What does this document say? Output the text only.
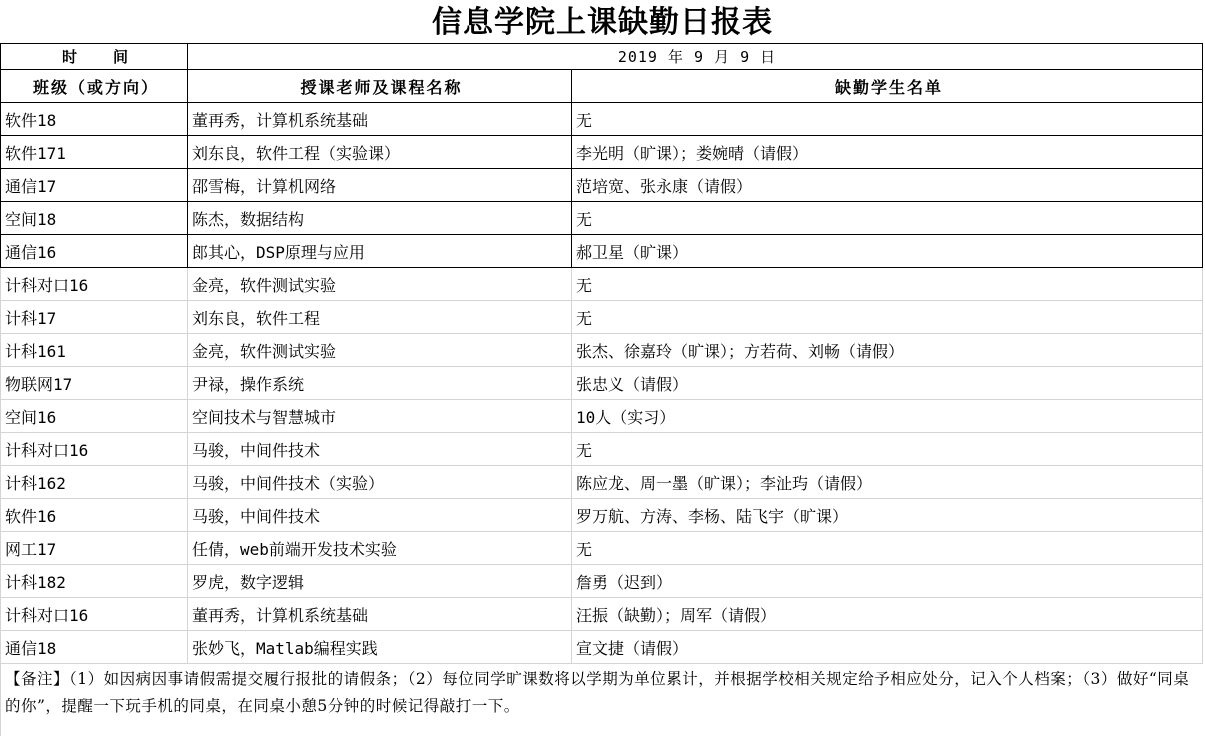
信息学院上课缺勤日报表
时　　间	2019 年 9 月 9 日	
班级（或方向）	授课老师及课程名称	缺勤学生名单
软件18	董再秀，计算机系统基础	无
软件171	刘东良，软件工程（实验课）	李光明（旷课）；娄婉晴（请假）
通信17	邵雪梅，计算机网络	范培宽、张永康（请假）
空间18	陈杰，数据结构	无
通信16	郎其心，DSP原理与应用	郝卫星（旷课）
计科对口16	金亮，软件测试实验	无
计科17	刘东良，软件工程	无
计科161	金亮，软件测试实验	张杰、徐嘉玲（旷课）；方若荷、刘畅（请假）
物联网17	尹禄，操作系统	张忠义（请假）
空间16	空间技术与智慧城市	10人（实习）
计科对口16	马骏，中间件技术	无
计科162	马骏，中间件技术（实验）	陈应龙、周一墨（旷课）；李沚玙（请假）
软件16	马骏，中间件技术	罗万航、方涛、李杨、陆飞宇（旷课）
网工17	任倩，web前端开发技术实验	无
计科182	罗虎，数字逻辑	詹勇（迟到）
计科对口16	董再秀，计算机系统基础	汪振（缺勤）；周军（请假）
通信18	张妙飞，Matlab编程实践	宣文捷（请假）
【备注】（1）如因病因事请假需提交履行报批的请假条；（2）每位同学旷课数将以学期为单位累计，并根据学校相关规定给予相应处分，记入个人档案；（3）做好“同桌的你”，提醒一下玩手机的同桌，在同桌小憩5分钟的时候记得敲打一下。
